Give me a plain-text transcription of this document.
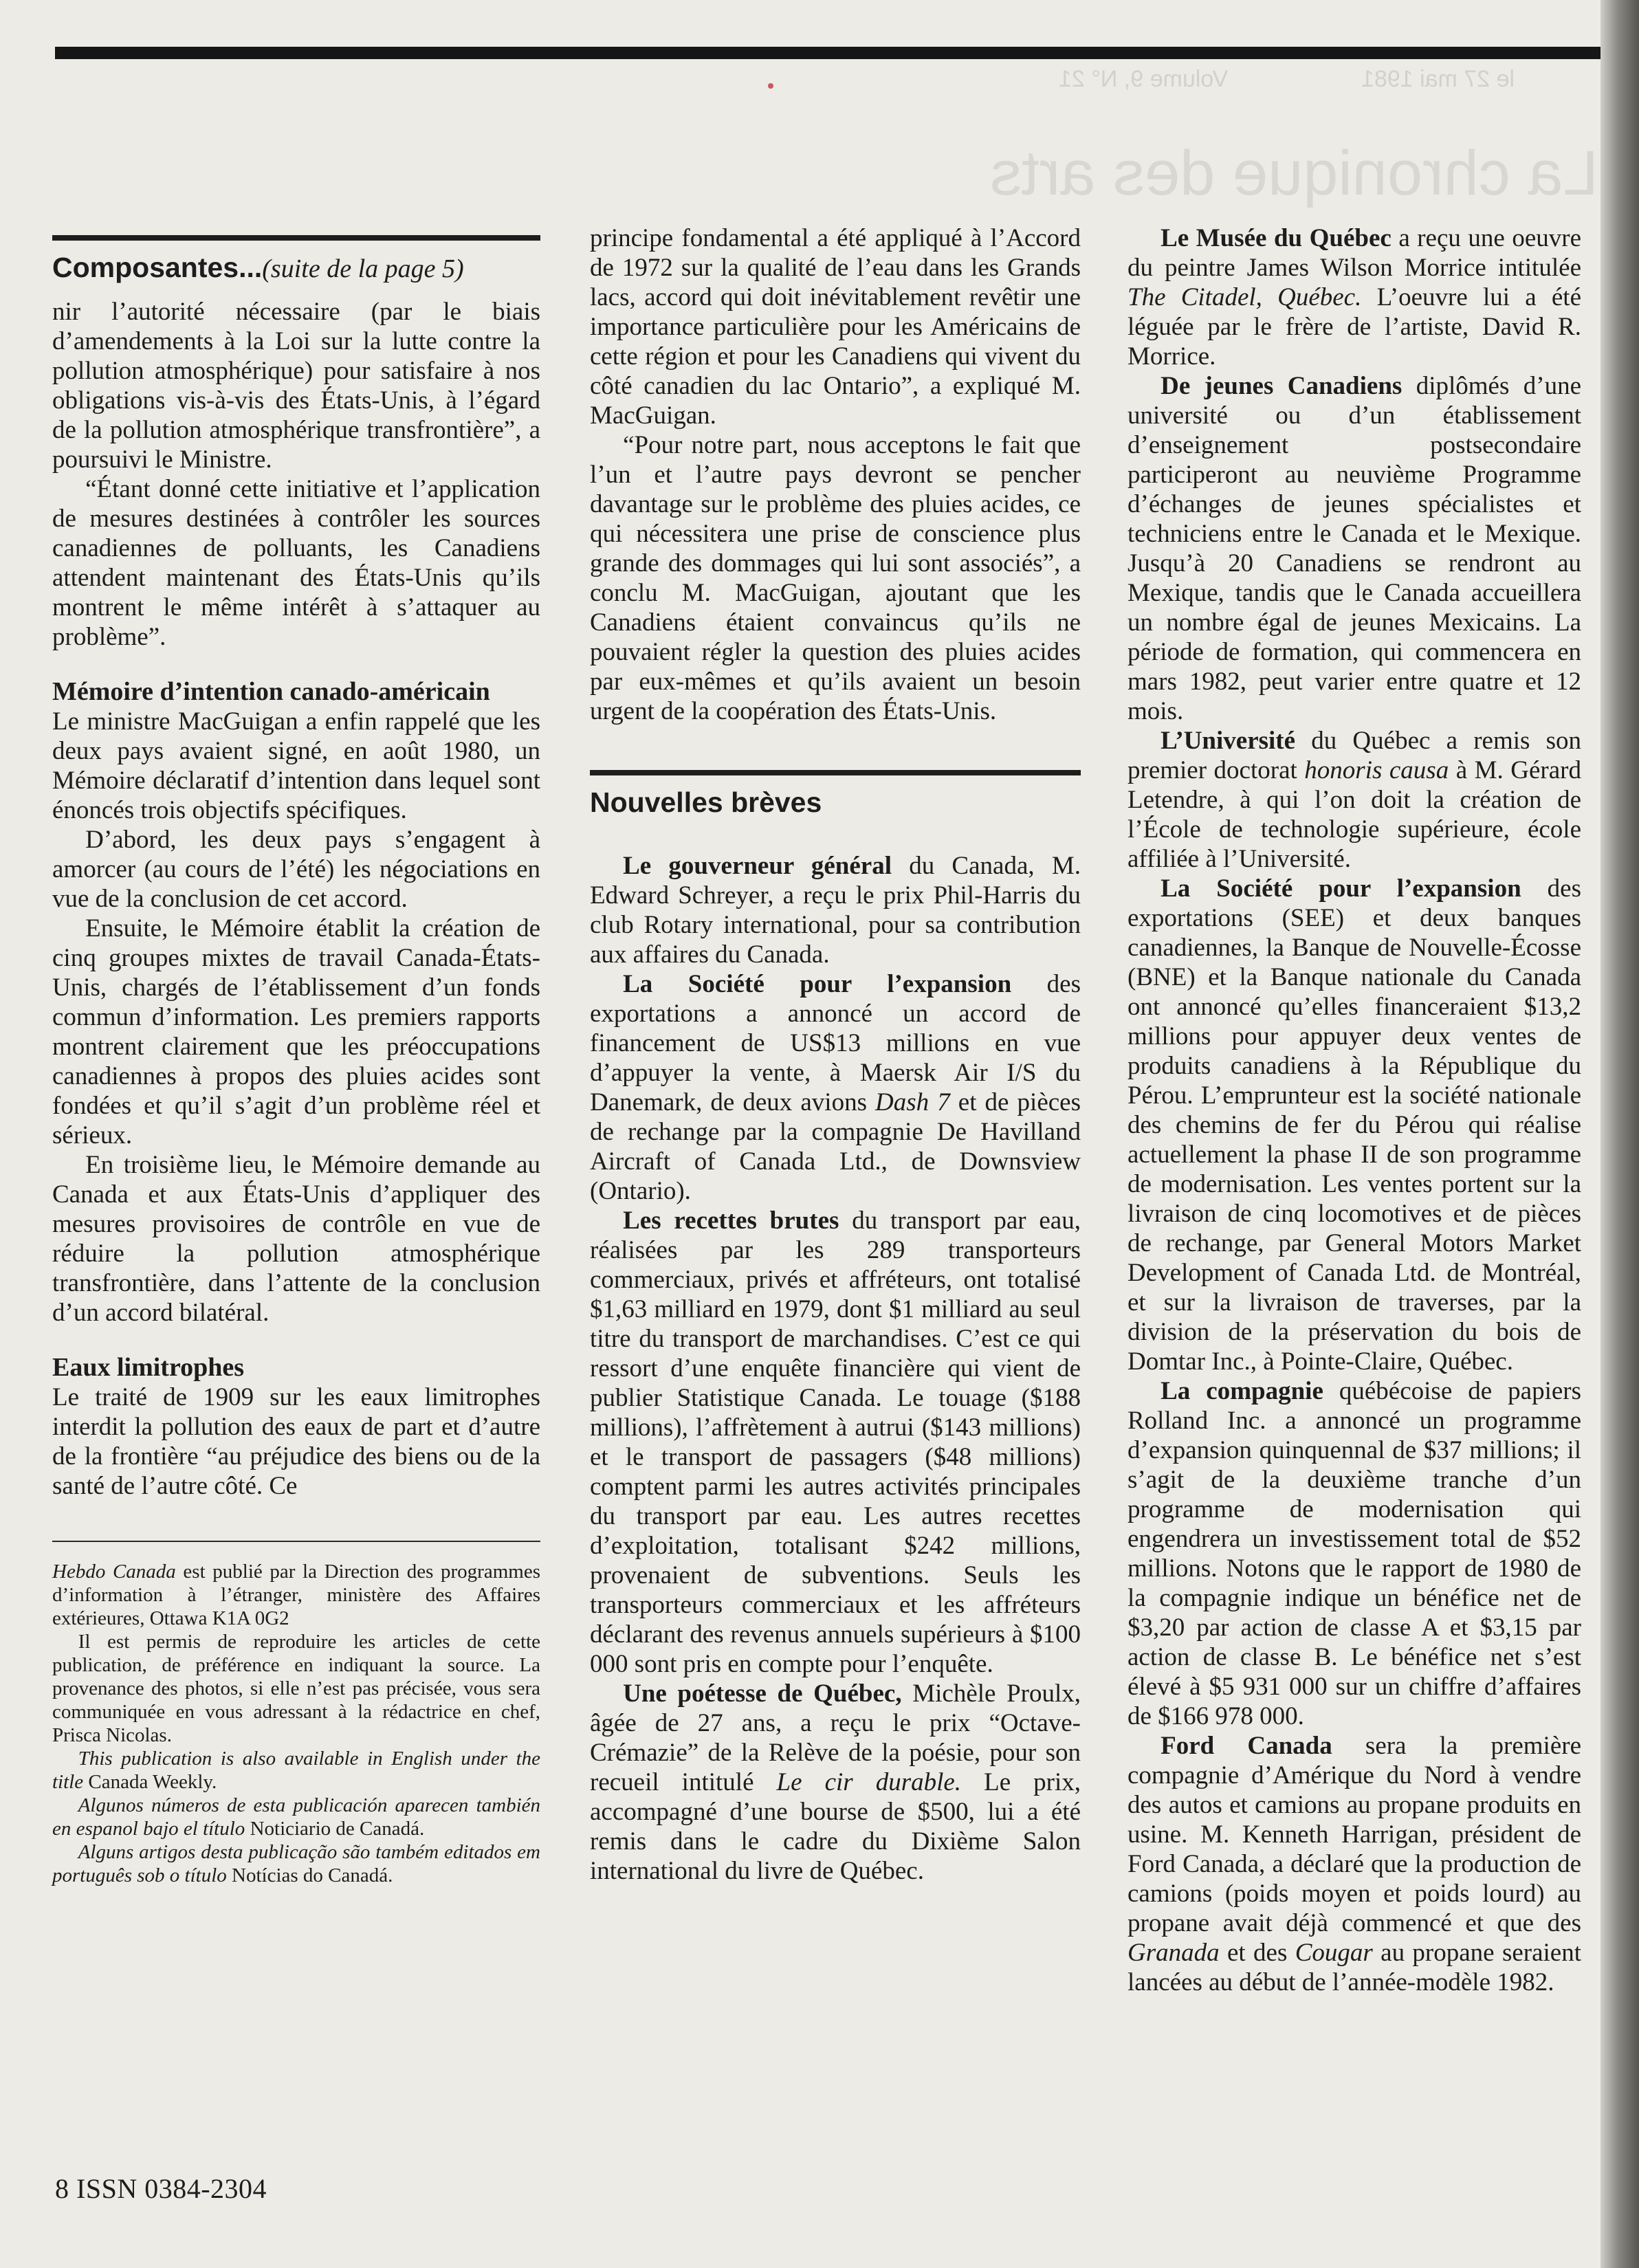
Volume 9, N° 21	le 27 mai 1981
La chronique des arts
Composantes...(suite de la page 5)

nir l’autorité nécessaire (par le biais d’amendements à la Loi sur la lutte contre la pollution atmosphérique) pour satisfaire à nos obligations vis-à-vis des États-Unis, à l’égard de la pollution atmosphérique transfrontière”, a poursuivi le Ministre.

“Étant donné cette initiative et l’application de mesures destinées à contrôler les sources canadiennes de polluants, les Canadiens attendent maintenant des États-Unis qu’ils montrent le même intérêt à s’attaquer au problème”.

Mémoire d’intention canado-américain

Le ministre MacGuigan a enfin rappelé que les deux pays avaient signé, en août 1980, un Mémoire déclaratif d’intention dans lequel sont énoncés trois objectifs spécifiques.

D’abord, les deux pays s’engagent à amorcer (au cours de l’été) les négociations en vue de la conclusion de cet accord.

Ensuite, le Mémoire établit la création de cinq groupes mixtes de travail Canada-États-Unis, chargés de l’établissement d’un fonds commun d’information. Les premiers rapports montrent clairement que les préoccupations canadiennes à propos des pluies acides sont fondées et qu’il s’agit d’un problème réel et sérieux.

En troisième lieu, le Mémoire demande au Canada et aux États-Unis d’appliquer des mesures provisoires de contrôle en vue de réduire la pollution atmosphérique transfrontière, dans l’attente de la conclusion d’un accord bilatéral.

Eaux limitrophes

Le traité de 1909 sur les eaux limitrophes interdit la pollution des eaux de part et d’autre de la frontière “au préjudice des biens ou de la santé de l’autre côté. Ce

Hebdo Canada est publié par la Direction des programmes d’information à l’étranger, ministère des Affaires extérieures, Ottawa K1A 0G2

Il est permis de reproduire les articles de cette publication, de préférence en indiquant la source. La provenance des photos, si elle n’est pas précisée, vous sera communiquée en vous adressant à la rédactrice en chef, Prisca Nicolas.

This publication is also available in English under the title Canada Weekly.

Algunos números de esta publicación aparecen también en espanol bajo el título Noticiario de Canadá.

Alguns artigos desta publicação são também editados em português sob o título Notícias do Canadá.

principe fondamental a été appliqué à l’Accord de 1972 sur la qualité de l’eau dans les Grands lacs, accord qui doit inévitablement revêtir une importance particulière pour les Américains de cette région et pour les Canadiens qui vivent du côté canadien du lac Ontario”, a expliqué M. MacGuigan.

“Pour notre part, nous acceptons le fait que l’un et l’autre pays devront se pencher davantage sur le problème des pluies acides, ce qui nécessitera une prise de conscience plus grande des dommages qui lui sont associés”, a conclu M. MacGuigan, ajoutant que les Canadiens étaient convaincus qu’ils ne pouvaient régler la question des pluies acides par eux-mêmes et qu’ils avaient un besoin urgent de la coopération des États-Unis.

Nouvelles brèves

Le gouverneur général du Canada, M. Edward Schreyer, a reçu le prix Phil-Harris du club Rotary international, pour sa contribution aux affaires du Canada.

La Société pour l’expansion des exportations a annoncé un accord de financement de US$13 millions en vue d’appuyer la vente, à Maersk Air I/S du Danemark, de deux avions Dash 7 et de pièces de rechange par la compagnie De Havilland Aircraft of Canada Ltd., de Downsview (Ontario).

Les recettes brutes du transport par eau, réalisées par les 289 transporteurs commerciaux, privés et affréteurs, ont totalisé $1,63 milliard en 1979, dont $1 milliard au seul titre du transport de marchandises. C’est ce qui ressort d’une enquête financière qui vient de publier Statistique Canada. Le touage ($188 millions), l’affrètement à autrui ($143 millions) et le transport de passagers ($48 millions) comptent parmi les autres activités principales du transport par eau. Les autres recettes d’exploitation, totalisant $242 millions, provenaient de subventions. Seuls les transporteurs commerciaux et les affréteurs déclarant des revenus annuels supérieurs à $100 000 sont pris en compte pour l’enquête.

Une poétesse de Québec, Michèle Proulx, âgée de 27 ans, a reçu le prix “Octave-Crémazie” de la Relève de la poésie, pour son recueil intitulé Le cir durable. Le prix, accompagné d’une bourse de $500, lui a été remis dans le cadre du Dixième Salon international du livre de Québec.

Le Musée du Québec a reçu une oeuvre du peintre James Wilson Morrice intitulée The Citadel, Québec. L’oeuvre lui a été léguée par le frère de l’artiste, David R. Morrice.

De jeunes Canadiens diplômés d’une université ou d’un établissement d’enseignement postsecondaire participeront au neuvième Programme d’échanges de jeunes spécialistes et techniciens entre le Canada et le Mexique. Jusqu’à 20 Canadiens se rendront au Mexique, tandis que le Canada accueillera un nombre égal de jeunes Mexicains. La période de formation, qui commencera en mars 1982, peut varier entre quatre et 12 mois.

L’Université du Québec a remis son premier doctorat honoris causa à M. Gérard Letendre, à qui l’on doit la création de l’École de technologie supérieure, école affiliée à l’Université.

La Société pour l’expansion des exportations (SEE) et deux banques canadiennes, la Banque de Nouvelle-Écosse (BNE) et la Banque nationale du Canada ont annoncé qu’elles financeraient $13,2 millions pour appuyer deux ventes de produits canadiens à la République du Pérou. L’emprunteur est la société nationale des chemins de fer du Pérou qui réalise actuellement la phase II de son programme de modernisation. Les ventes portent sur la livraison de cinq locomotives et de pièces de rechange, par General Motors Market Development of Canada Ltd. de Montréal, et sur la livraison de traverses, par la division de la préservation du bois de Domtar Inc., à Pointe-Claire, Québec.

La compagnie québécoise de papiers Rolland Inc. a annoncé un programme d’expansion quinquennal de $37 millions; il s’agit de la deuxième tranche d’un programme de modernisation qui engendrera un investissement total de $52 millions. Notons que le rapport de 1980 de la compagnie indique un bénéfice net de $3,20 par action de classe A et $3,15 par action de classe B. Le bénéfice net s’est élevé à $5 931 000 sur un chiffre d’affaires de $166 978 000.

Ford Canada sera la première compagnie d’Amérique du Nord à vendre des autos et camions au propane produits en usine. M. Kenneth Harrigan, président de Ford Canada, a déclaré que la production de camions (poids moyen et poids lourd) au propane avait déjà commencé et que des Granada et des Cougar au propane seraient lancées au début de l’année-modèle 1982.

8 ISSN 0384-2304
